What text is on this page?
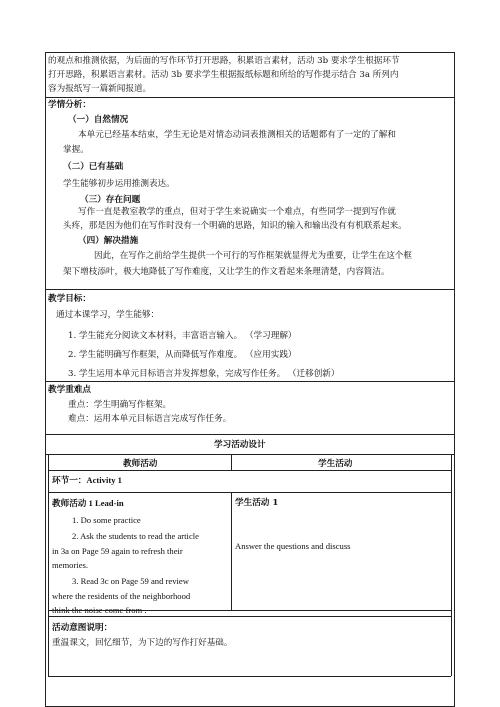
的观点和推测依据，为后面的写作环节打开思路，积累语言素材，活动 3b 要求学生根据环节
打开思路，积累语言素材。活动 3b 要求学生根据报纸标题和所给的写作提示结合 3a 所列内
容为报纸写一篇新闻报道。
学情分析：
（一）自然情况
本单元已经基本结束，学生无论是对情态动词表推测相关的话题都有了一定的了解和
掌握。
（二）已有基础
学生能够初步运用推测表达。
（三）存在问题
写作一直是教室教学的重点，但对于学生来说确实一个难点，有些同学一提到写作就
头疼，那是因为他们在写作时没有一个明确的思路，知识的输入和输出没有有机联系起来。
（四）解决措施
因此，在写作之前给学生提供一个可行的写作框架就显得尤为重要，让学生在这个框
架下增枝添叶，极大地降低了写作难度，又让学生的作文看起来条理清楚，内容简洁。
教学目标：
通过本课学习，学生能够：
1. 学生能充分阅读文本材料，丰富语言输入。 （学习理解）
2. 学生能明确写作框架，从而降低写作难度。 （应用实践）
3. 学生运用本单元目标语言并发挥想象，完成写作任务。 （迁移创新）
教学重难点
重点：学生明确写作框架。
难点：运用本单元目标语言完成写作任务。
学习活动设计
教师活动	学生活动
环节一：Activity 1
教师活动 1 Lead-in
1. Do some practice
2. Ask the students to read the article
in 3a on Page 59 again to refresh their
memories.
3. Read 3c on Page 59 and review
where the residents of the neighborhood
think the noise come from .
学生活动 1
Answer the questions and discuss
活动意图说明：
重温课文，回忆细节，为下边的写作打好基础。
